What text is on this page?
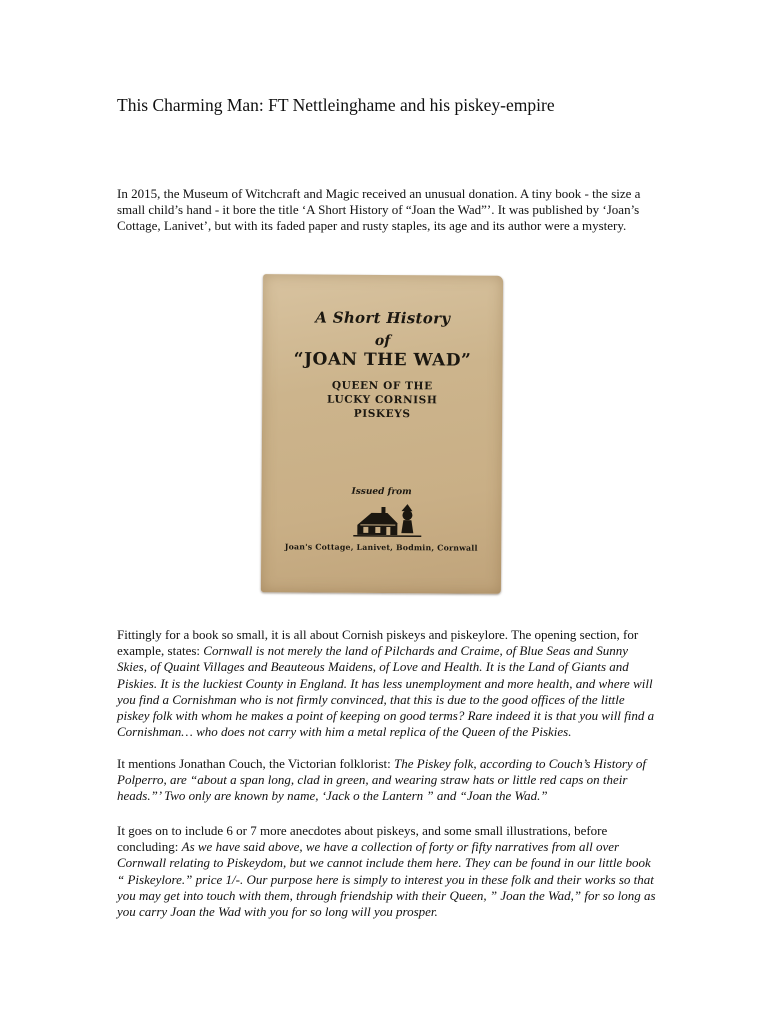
This Charming Man: FT Nettleinghame and his piskey-empire

In 2015, the Museum of Witchcraft and Magic received an unusual donation. A tiny book - the size a small child’s hand - it bore the title ‘A Short History of “Joan the Wad”’. It was published by ‘Joan’s Cottage, Lanivet’, but with its faded paper and rusty staples, its age and its author were a mystery.

A Short History
of
“JOAN THE WAD”
QUEEN OF THE
LUCKY CORNISH
PISKEYS
Issued from
Joan's Cottage, Lanivet, Bodmin, Cornwall

Fittingly for a book so small, it is all about Cornish piskeys and piskeylore. The opening section, for example, states: Cornwall is not merely the land of Pilchards and Craime, of Blue Seas and Sunny Skies, of Quaint Villages and Beauteous Maidens, of Love and Health. It is the Land of Giants and Piskies. It is the luckiest County in England. It has less unemployment and more health, and where will you find a Cornishman who is not firmly convinced, that this is due to the good offices of the little piskey folk with whom he makes a point of keeping on good terms? Rare indeed it is that you will find a Cornishman… who does not carry with him a metal replica of the Queen of the Piskies.

It mentions Jonathan Couch, the Victorian folklorist: The Piskey folk, according to Couch’s History of Polperro, are “about a span long, clad in green, and wearing straw hats or little red caps on their heads.”’ Two only are known by name, ‘Jack o the Lantern ” and “Joan the Wad.”

It goes on to include 6 or 7 more anecdotes about piskeys, and some small illustrations, before concluding: As we have said above, we have a collection of forty or fifty narratives from all over Cornwall relating to Piskeydom, but we cannot include them here. They can be found in our little book “ Piskeylore.” price 1/-. Our purpose here is simply to interest you in these folk and their works so that you may get into touch with them, through friendship with their Queen, ” Joan the Wad,” for so long as you carry Joan the Wad with you for so long will you prosper.
